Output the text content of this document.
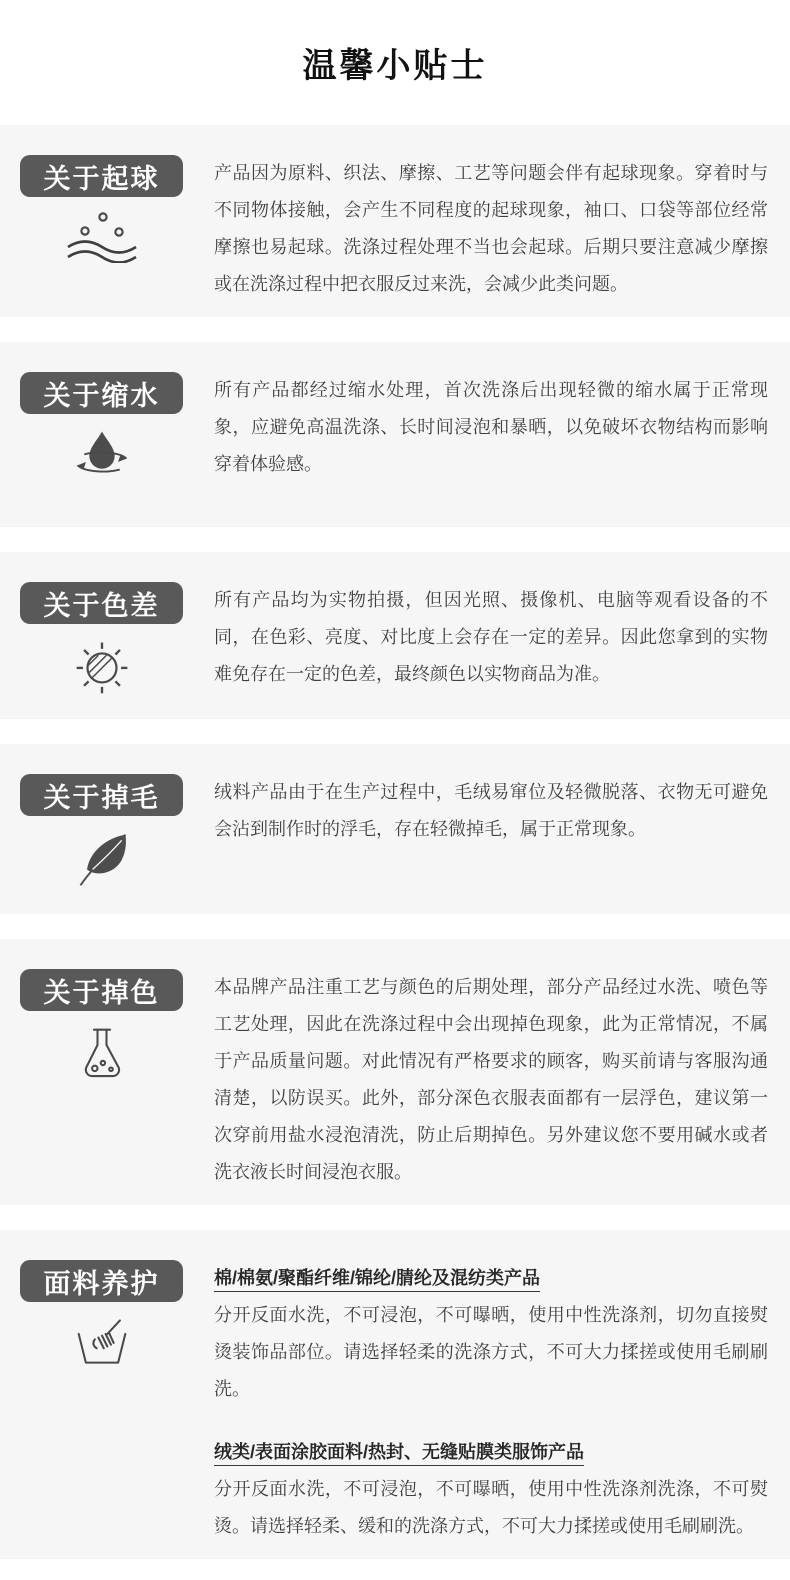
温馨小贴士
关于起球	产品因为原料、织法、摩擦、工艺等问题会伴有起球现象。穿着时与不同物体接触，会产生不同程度的起球现象，袖口、口袋等部位经常摩擦也易起球。洗涤过程处理不当也会起球。后期只要注意减少摩擦或在洗涤过程中把衣服反过来洗，会减少此类问题。

关于缩水	所有产品都经过缩水处理，首次洗涤后出现轻微的缩水属于正常现象，应避免高温洗涤、长时间浸泡和暴晒，以免破坏衣物结构而影响穿着体验感。

关于色差	所有产品均为实物拍摄，但因光照、摄像机、电脑等观看设备的不同，在色彩、亮度、对比度上会存在一定的差异。因此您拿到的实物难免存在一定的色差，最终颜色以实物商品为准。

关于掉毛	绒料产品由于在生产过程中，毛绒易窜位及轻微脱落、衣物无可避免会沾到制作时的浮毛，存在轻微掉毛，属于正常现象。

关于掉色	本品牌产品注重工艺与颜色的后期处理，部分产品经过水洗、喷色等工艺处理，因此在洗涤过程中会出现掉色现象，此为正常情况，不属于产品质量问题。对此情况有严格要求的顾客，购买前请与客服沟通清楚，以防误买。此外，部分深色衣服表面都有一层浮色，建议第一次穿前用盐水浸泡清洗，防止后期掉色。另外建议您不要用碱水或者洗衣液长时间浸泡衣服。

面料养护	棉/棉氨/聚酯纤维/锦纶/腈纶及混纺类产品

分开反面水洗，不可浸泡，不可曝晒，使用中性洗涤剂，切勿直接熨烫装饰品部位。请选择轻柔的洗涤方式，不可大力揉搓或使用毛刷刷洗。

绒类/表面涂胶面料/热封、无缝贴膜类服饰产品

分开反面水洗，不可浸泡，不可曝晒，使用中性洗涤剂洗涤，不可熨烫。请选择轻柔、缓和的洗涤方式，不可大力揉搓或使用毛刷刷洗。
